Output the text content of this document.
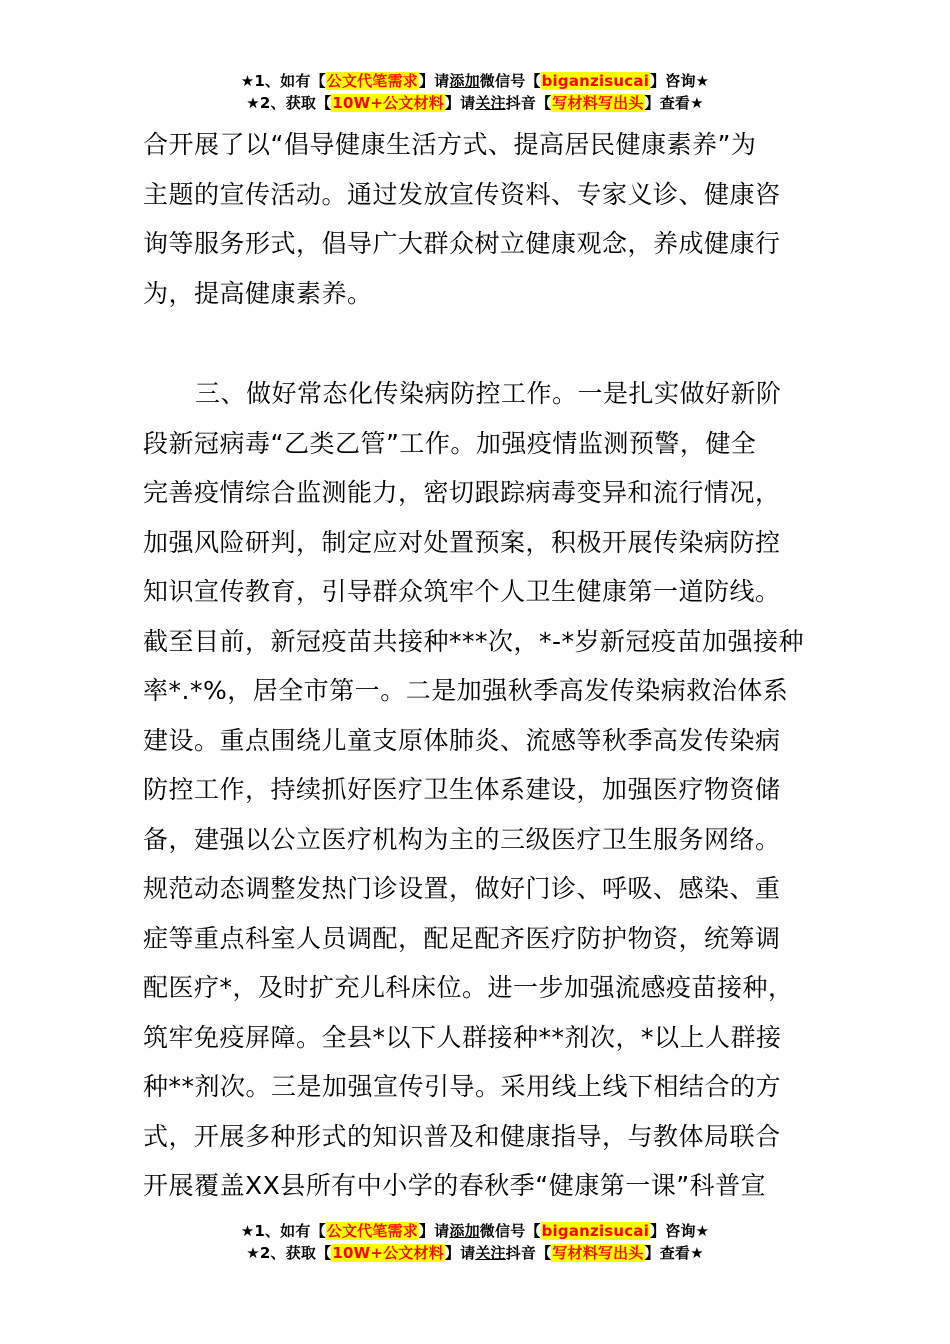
★1、如有【公文代笔需求】请添加微信号【biganzisucai】咨询★
★2、获取【10W+公文材料】请关注抖音【写材料写出头】查看★
合开展了以“倡导健康生活方式、提高居民健康素养”为
主题的宣传活动。通过发放宣传资料、专家义诊、健康咨
询等服务形式，倡导广大群众树立健康观念，养成健康行
为，提高健康素养。
三、做好常态化传染病防控工作。一是扎实做好新阶
段新冠病毒“乙类乙管”工作。加强疫情监测预警，健全
完善疫情综合监测能力，密切跟踪病毒变异和流行情况，
加强风险研判，制定应对处置预案，积极开展传染病防控
知识宣传教育，引导群众筑牢个人卫生健康第一道防线。
截至目前，新冠疫苗共接种***次，*-*岁新冠疫苗加强接种
率*.*%，居全市第一。二是加强秋季高发传染病救治体系
建设。重点围绕儿童支原体肺炎、流感等秋季高发传染病
防控工作，持续抓好医疗卫生体系建设，加强医疗物资储
备，建强以公立医疗机构为主的三级医疗卫生服务网络。
规范动态调整发热门诊设置，做好门诊、呼吸、感染、重
症等重点科室人员调配，配足配齐医疗防护物资，统筹调
配医疗*，及时扩充儿科床位。进一步加强流感疫苗接种，
筑牢免疫屏障。全县*以下人群接种**剂次，*以上人群接
种**剂次。三是加强宣传引导。采用线上线下相结合的方
式，开展多种形式的知识普及和健康指导，与教体局联合
开展覆盖XX县所有中小学的春秋季“健康第一课”科普宣
★1、如有【公文代笔需求】请添加微信号【biganzisucai】咨询★
★2、获取【10W+公文材料】请关注抖音【写材料写出头】查看★
